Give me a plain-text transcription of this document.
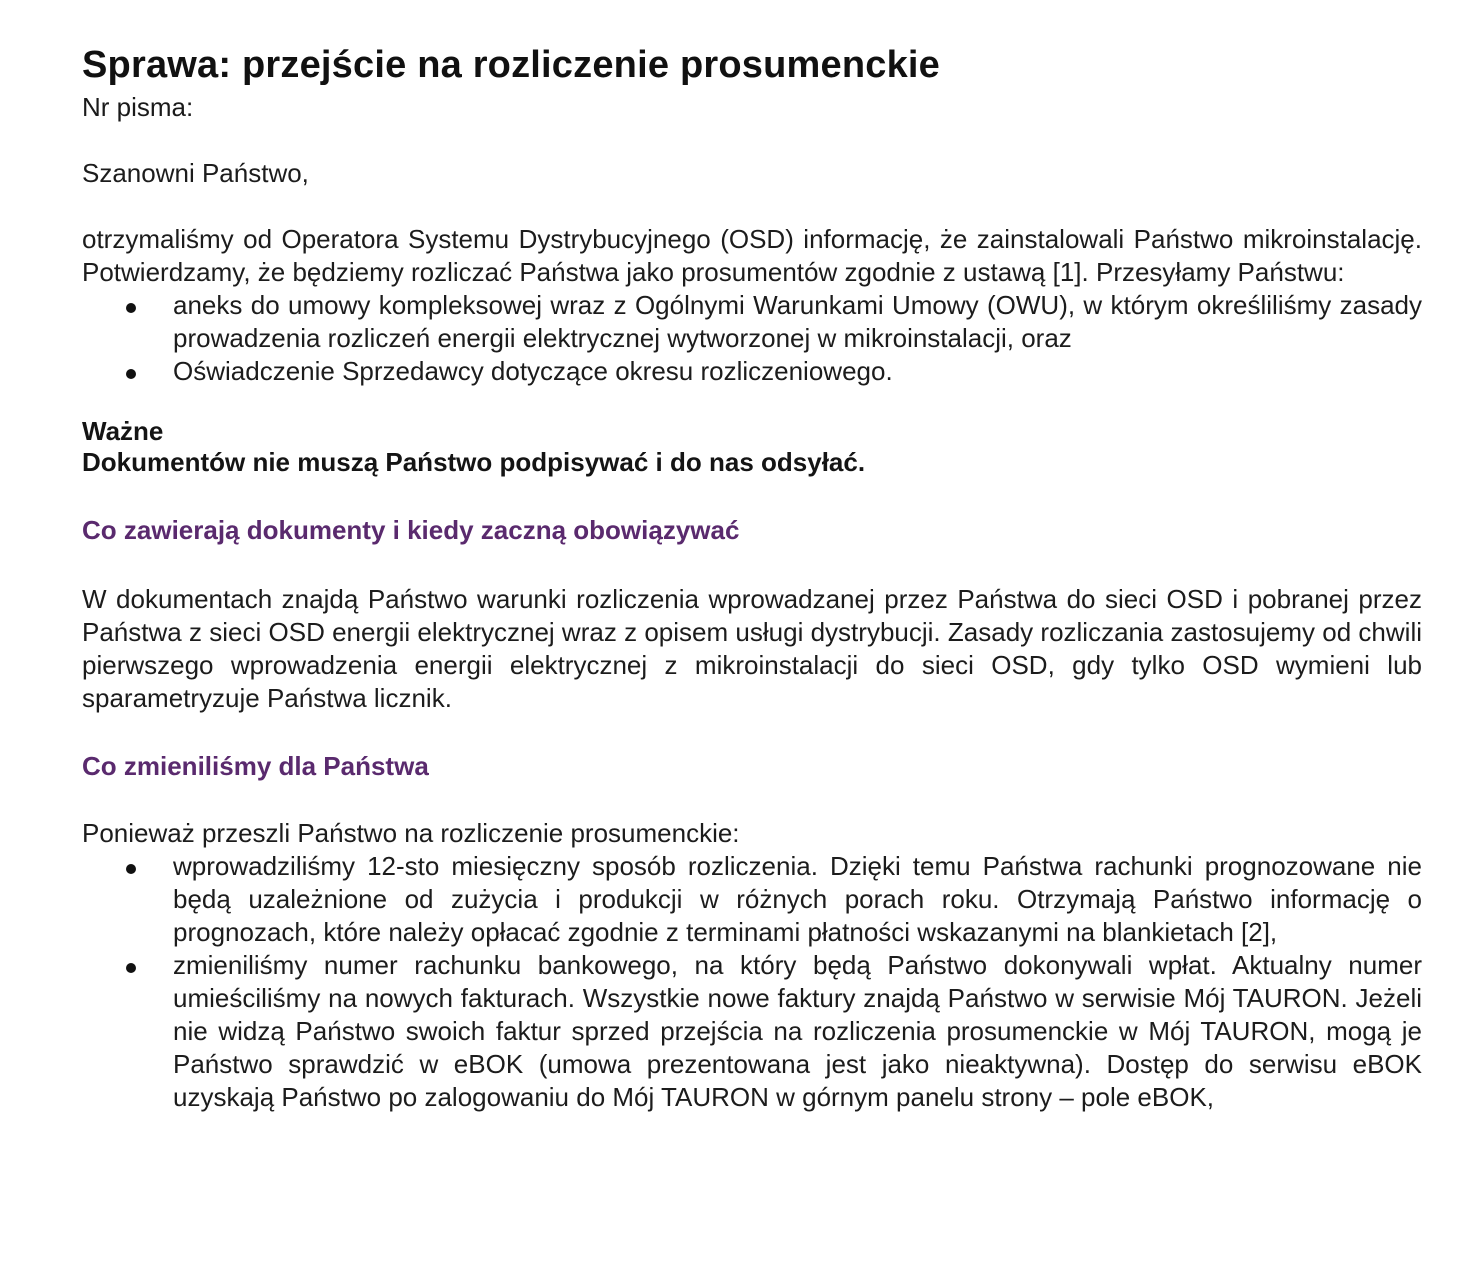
Sprawa: przejście na rozliczenie prosumenckie

Nr pisma:

Szanowni Państwo,

otrzymaliśmy od Operatora Systemu Dystrybucyjnego (OSD) informację, że zainstalowali Państwo mikroinstalację. Potwierdzamy, że będziemy rozliczać Państwa jako prosumentów zgodnie z ustawą [1]. Przesyłamy Państwu:

aneks do umowy kompleksowej wraz z Ogólnymi Warunkami Umowy (OWU), w którym określiliśmy zasady prowadzenia rozliczeń energii elektrycznej wytworzonej w mikroinstalacji, oraz
Oświadczenie Sprzedawcy dotyczące okresu rozliczeniowego.
Ważne
Dokumentów nie muszą Państwo podpisywać i do nas odsyłać.
Co zawierają dokumenty i kiedy zaczną obowiązywać

W dokumentach znajdą Państwo warunki rozliczenia wprowadzanej przez Państwa do sieci OSD i pobranej przez Państwa z sieci OSD energii elektrycznej wraz z opisem usługi dystrybucji. Zasady rozliczania zastosujemy od chwili pierwszego wprowadzenia energii elektrycznej z mikroinstalacji do sieci OSD, gdy tylko OSD wymieni lub sparametryzuje Państwa licznik.

Co zmieniliśmy dla Państwa

Ponieważ przeszli Państwo na rozliczenie prosumenckie:

wprowadziliśmy 12-sto miesięczny sposób rozliczenia. Dzięki temu Państwa rachunki prognozowane nie będą uzależnione od zużycia i produkcji w różnych porach roku. Otrzymają Państwo informację o prognozach, które należy opłacać zgodnie z terminami płatności wskazanymi na blankietach [2],
zmieniliśmy numer rachunku bankowego, na który będą Państwo dokonywali wpłat. Aktualny numer umieściliśmy na nowych fakturach. Wszystkie nowe faktury znajdą Państwo w serwisie Mój TAURON. Jeżeli nie widzą Państwo swoich faktur sprzed przejścia na rozliczenia prosumenckie w Mój TAURON, mogą je Państwo sprawdzić w eBOK (umowa prezentowana jest jako nieaktywna). Dostęp do serwisu eBOK uzyskają Państwo po zalogowaniu do Mój TAURON w górnym panelu strony – pole eBOK,
